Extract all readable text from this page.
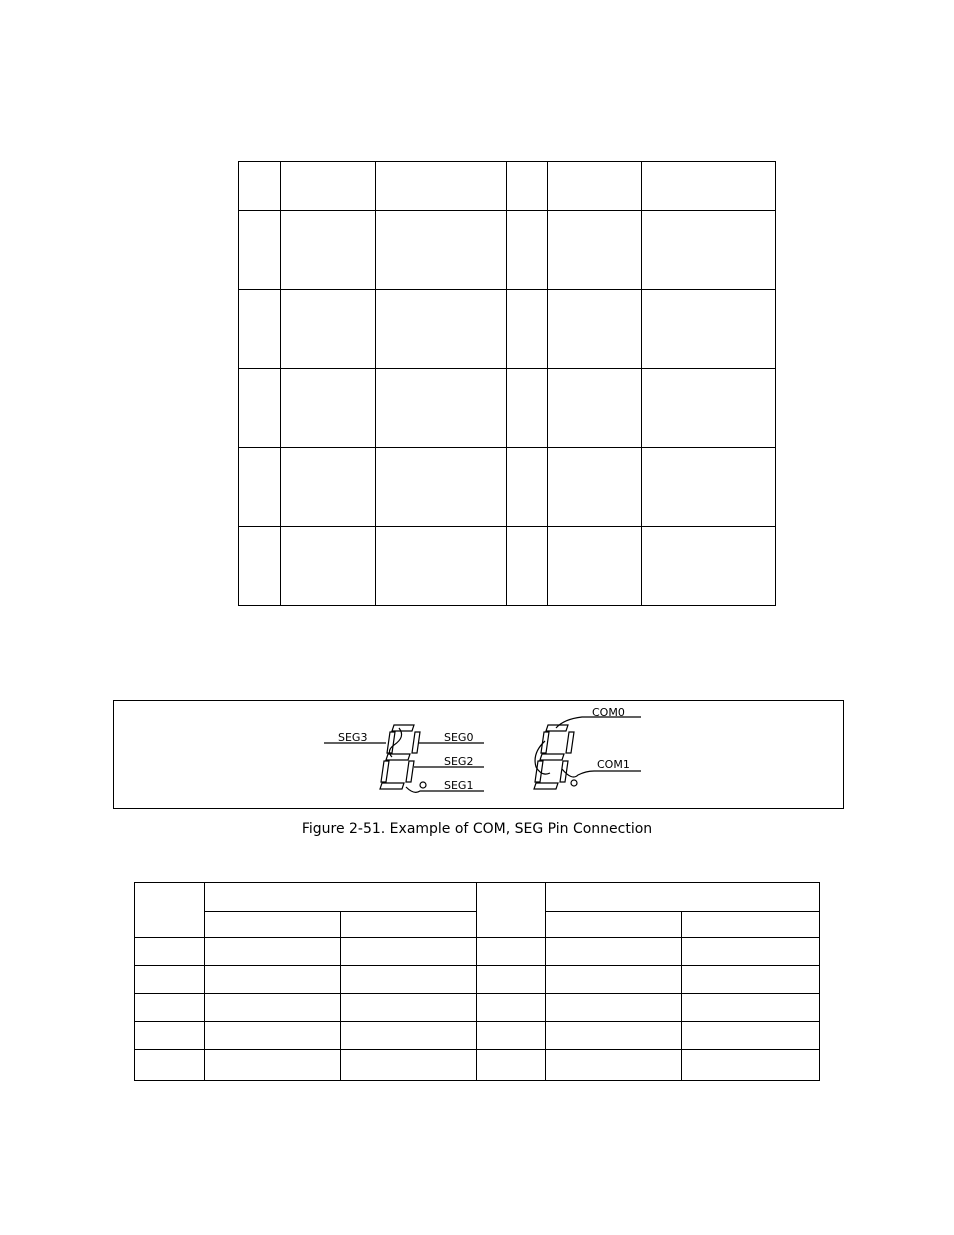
SEG3	SEG0
SEG2
SEG1
COM0
COM1
Figure 2-51. Example of COM, SEG Pin Connection
